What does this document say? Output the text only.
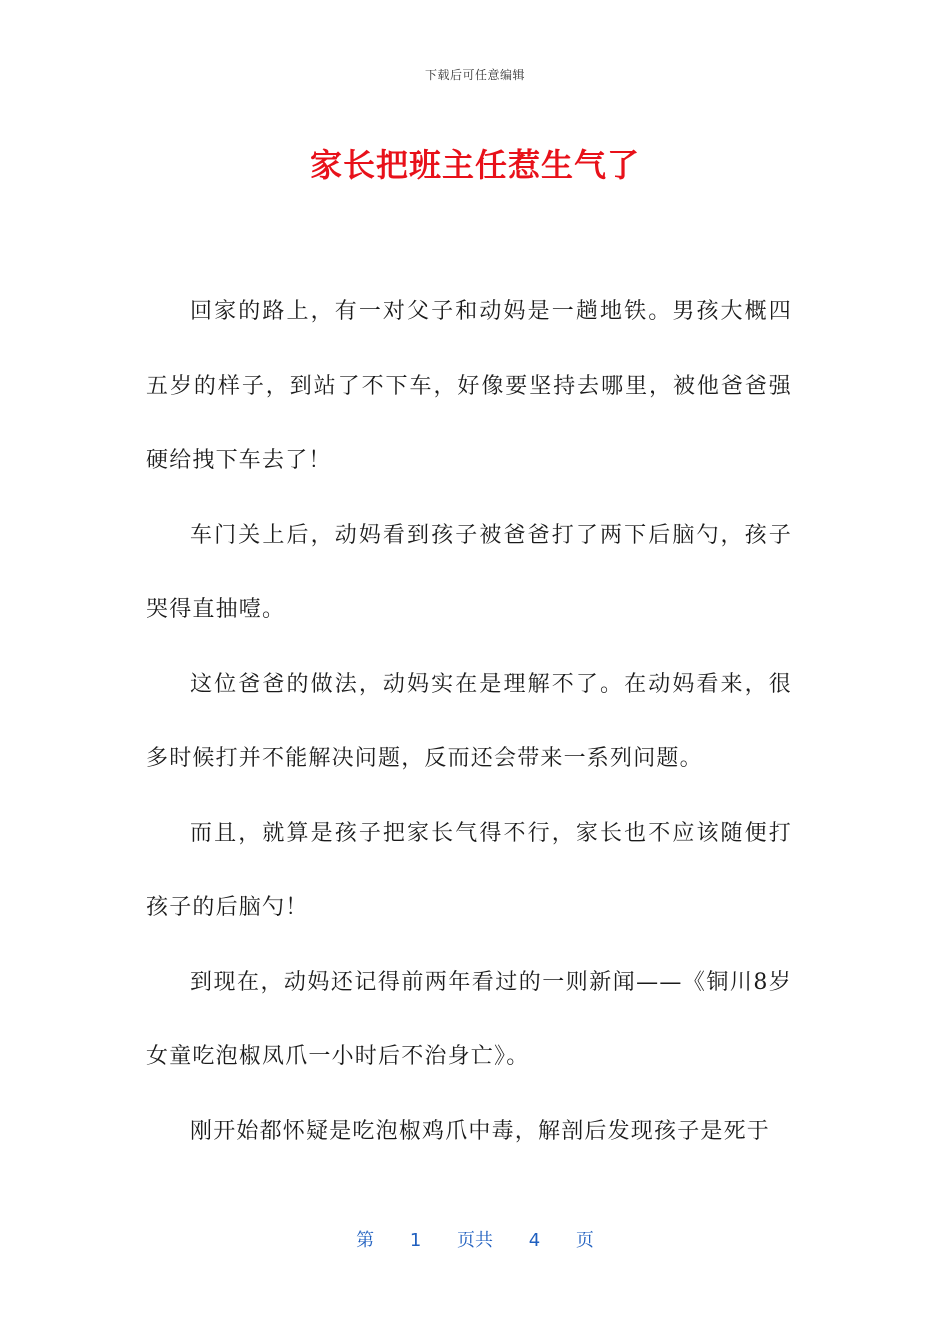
下载后可任意编辑
家长把班主任惹生气了

回家的路上，有一对父子和动妈是一趟地铁。男孩大概四五岁的样子，到站了不下车，好像要坚持去哪里，被他爸爸强硬给拽下车去了！

车门关上后，动妈看到孩子被爸爸打了两下后脑勺，孩子哭得直抽噎。

这位爸爸的做法，动妈实在是理解不了。在动妈看来，很多时候打并不能解决问题，反而还会带来一系列问题。

而且，就算是孩子把家长气得不行，家长也不应该随便打孩子的后脑勺！

到现在，动妈还记得前两年看过的一则新闻——《铜川8岁女童吃泡椒凤爪一小时后不治身亡》。

刚开始都怀疑是吃泡椒鸡爪中毒，解剖后发现孩子是死于

第 1 页共 4 页
